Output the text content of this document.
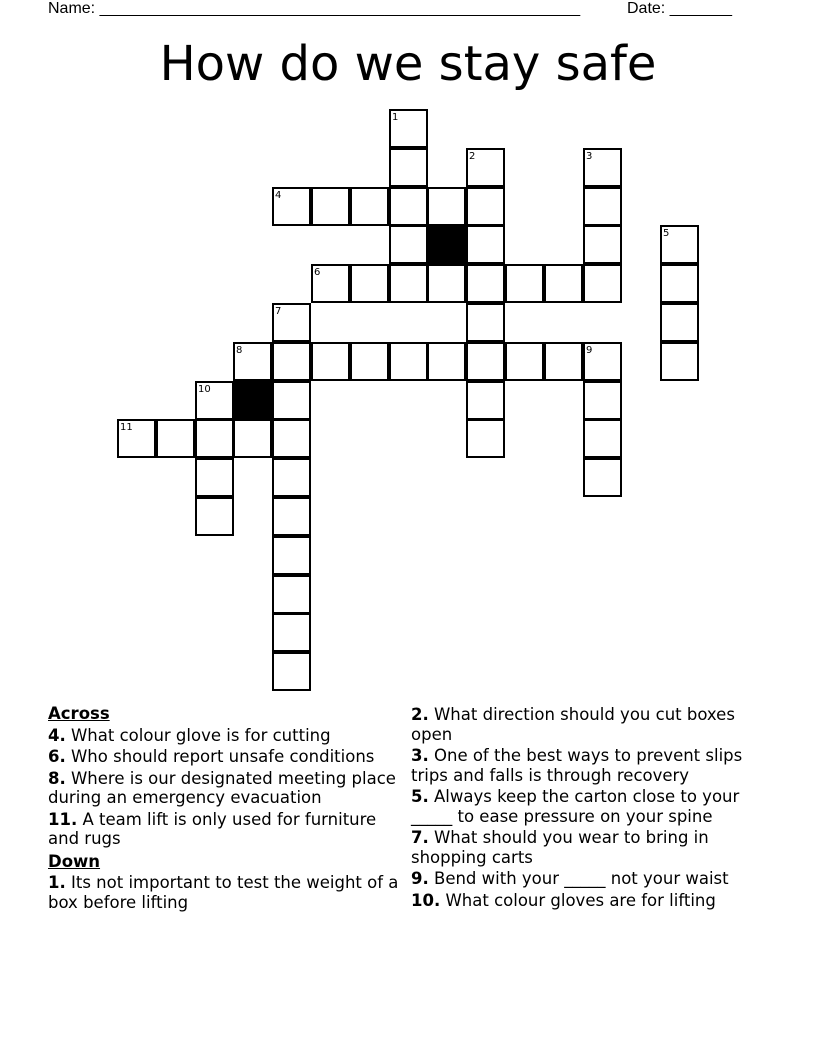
Name: ______________________________________________________	Date: _______
How do we stay safe
1
2	3
4
5
6
7
8	9
10
11
Across
4. What colour glove is for cutting
6. Who should report unsafe conditions
8. Where is our designated meeting place during an emergency evacuation
11. A team lift is only used for furniture and rugs
Down
1. Its not important to test the weight of a box before lifting
2. What direction should you cut boxes open
3. One of the best ways to prevent slips trips and falls is through recovery
5. Always keep the carton close to your _____ to ease pressure on your spine
7. What should you wear to bring in shopping carts
9. Bend with your _____ not your waist
10. What colour gloves are for lifting
